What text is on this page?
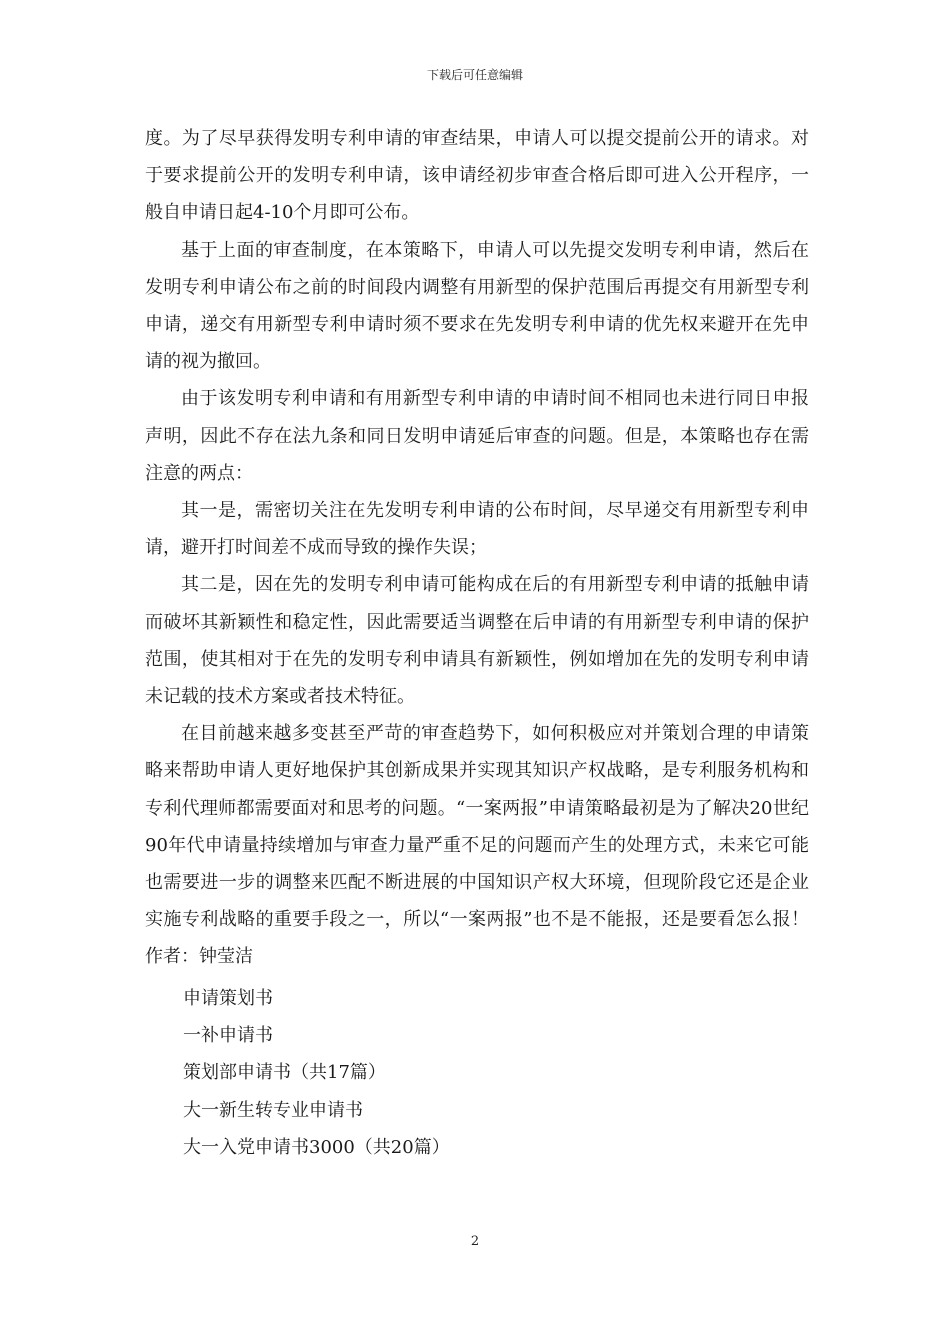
下载后可任意编辑

度。为了尽早获得发明专利申请的审查结果，申请人可以提交提前公开的请求。对于要求提前公开的发明专利申请，该申请经初步审查合格后即可进入公开程序，一般自申请日起4-10个月即可公布。

基于上面的审查制度，在本策略下，申请人可以先提交发明专利申请，然后在发明专利申请公布之前的时间段内调整有用新型的保护范围后再提交有用新型专利申请，递交有用新型专利申请时须不要求在先发明专利申请的优先权来避开在先申请的视为撤回。

由于该发明专利申请和有用新型专利申请的申请时间不相同也未进行同日申报声明，因此不存在法九条和同日发明申请延后审查的问题。但是，本策略也存在需注意的两点：

其一是，需密切关注在先发明专利申请的公布时间，尽早递交有用新型专利申请，避开打时间差不成而导致的操作失误；

其二是，因在先的发明专利申请可能构成在后的有用新型专利申请的抵触申请而破坏其新颖性和稳定性，因此需要适当调整在后申请的有用新型专利申请的保护范围，使其相对于在先的发明专利申请具有新颖性，例如增加在先的发明专利申请未记载的技术方案或者技术特征。

在目前越来越多变甚至严苛的审查趋势下，如何积极应对并策划合理的申请策略来帮助申请人更好地保护其创新成果并实现其知识产权战略，是专利服务机构和专利代理师都需要面对和思考的问题。“一案两报”申请策略最初是为了解决20世纪90年代申请量持续增加与审查力量严重不足的问题而产生的处理方式，未来它可能也需要进一步的调整来匹配不断进展的中国知识产权大环境，但现阶段它还是企业实施专利战略的重要手段之一，所以“一案两报”也不是不能报，还是要看怎么报！作者：钟莹洁

申请策划书
一补申请书
策划部申请书（共17篇）
大一新生转专业申请书
大一入党申请书3000（共20篇）
2
